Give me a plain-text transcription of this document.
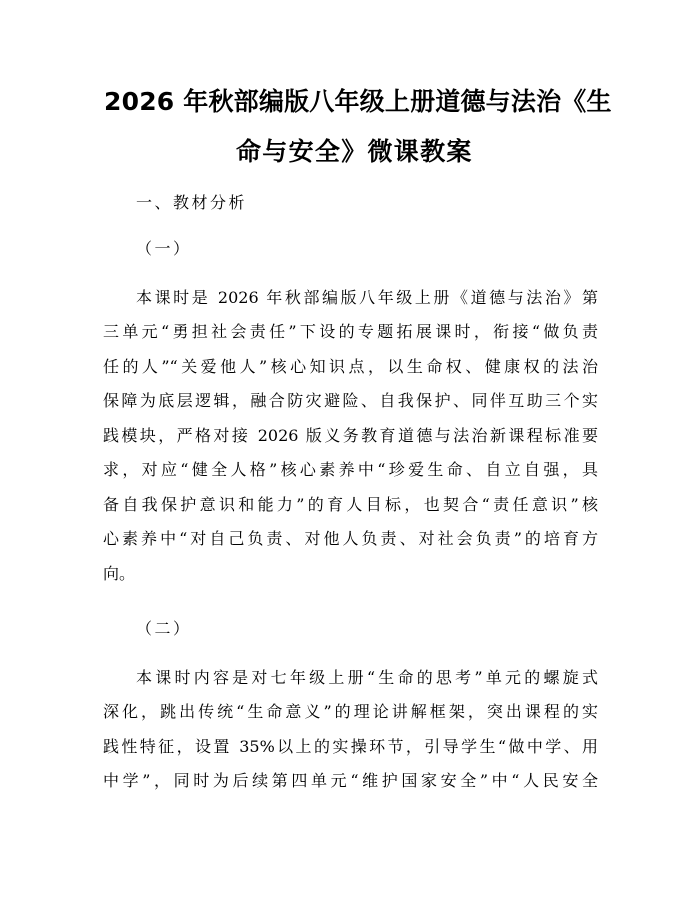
2026 年秋部编版八年级上册道德与法治《生
命与安全》微课教案
一、教材分析
（一）
本课时是 2026 年秋部编版八年级上册《道德与法治》第
三单元“勇担社会责任”下设的专题拓展课时，衔接“做负责
任的人”“关爱他人”核心知识点，以生命权、健康权的法治
保障为底层逻辑，融合防灾避险、自我保护、同伴互助三个实
践模块，严格对接 2026 版义务教育道德与法治新课程标准要
求，对应“健全人格”核心素养中“珍爱生命、自立自强，具
备自我保护意识和能力”的育人目标，也契合“责任意识”核
心素养中“对自己负责、对他人负责、对社会负责”的培育方
向。
（二）
本课时内容是对七年级上册“生命的思考”单元的螺旋式
深化，跳出传统“生命意义”的理论讲解框架，突出课程的实
践性特征，设置 35%以上的实操环节，引导学生“做中学、用
中学”，同时为后续第四单元“维护国家安全”中“人民安全
